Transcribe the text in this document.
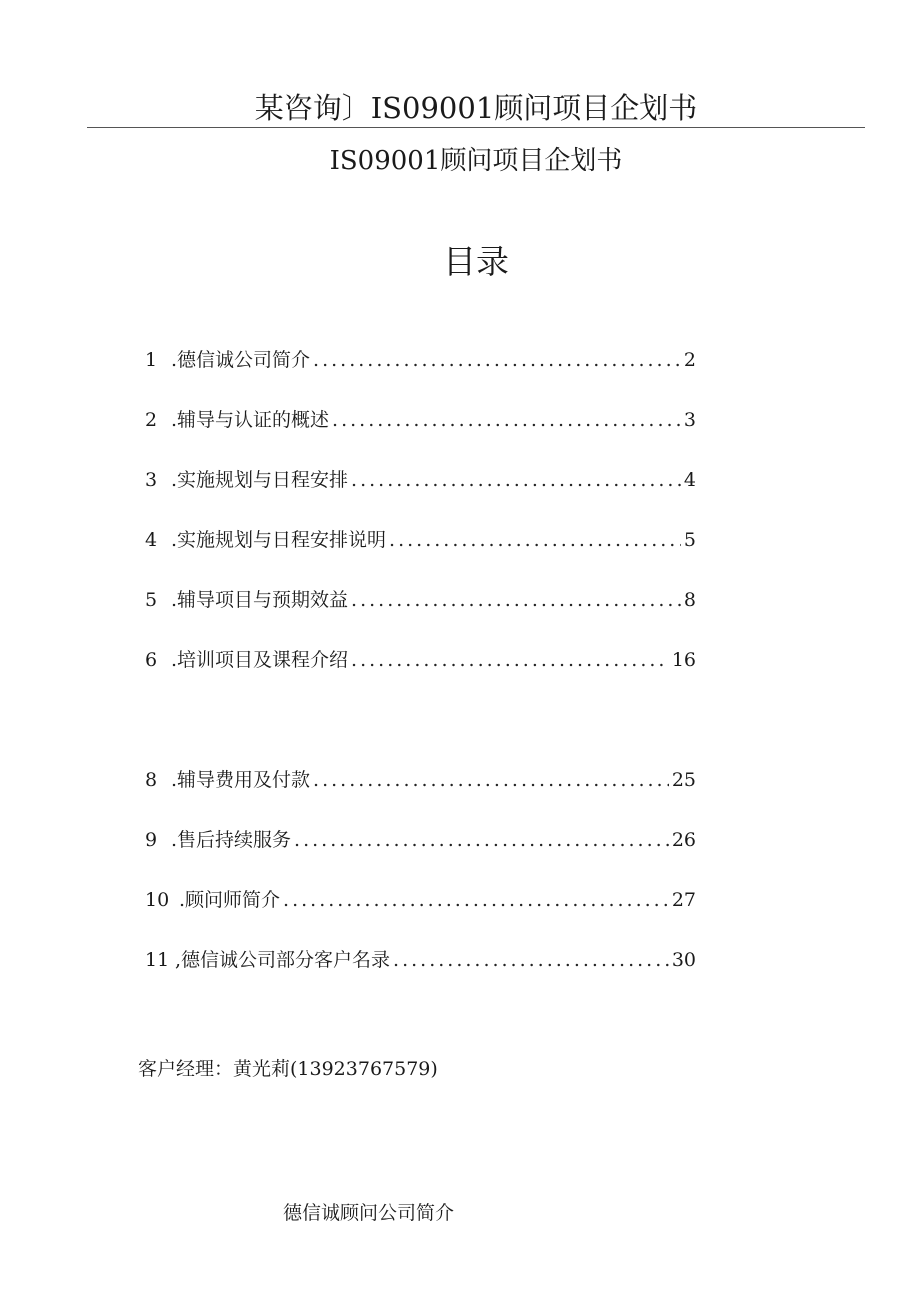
某咨询〕IS09001顾问项目企划书
IS09001顾问项目企划书
目录
1 .德信诚公司简介 .....	2
2 .辅导与认证的概述 .....	3
3 .实施规划与日程安排 .....	4
4 .实施规划与日程安排说明 .....	5
5 .辅导项目与预期效益 .....	8
6 .培训项目及课程介绍 .....	16
8 .辅导费用及付款 .....	25
9 .售后持续服务 .....	26
10 .顾问师简介 .....	27
11 ,德信诚公司部分客户名录 .....	30
客户经理：黄光莉(13923767579)
德信诚顾问公司简介
